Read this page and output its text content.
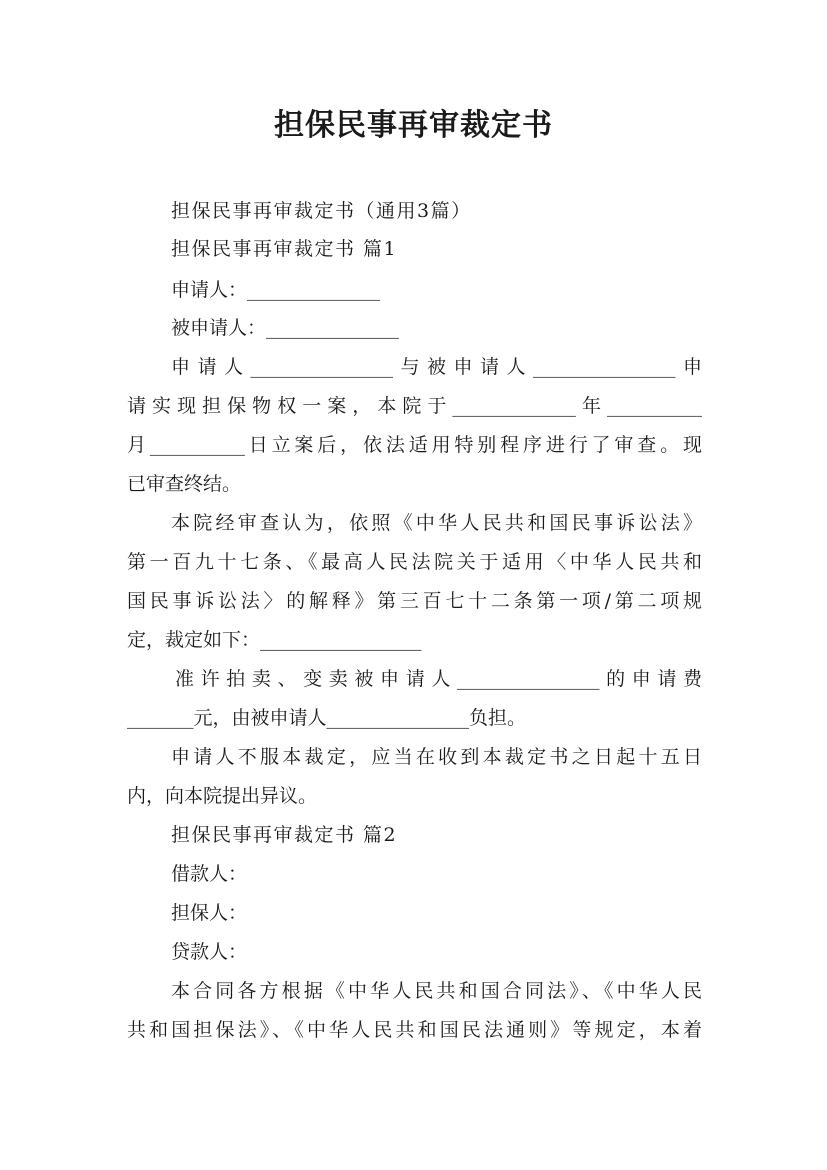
担保民事再审裁定书
担保民事再审裁定书（通用3篇）
担保民事再审裁定书 篇1
申请人：______________
被申请人：______________
申请人_______________与被申请人_______________申
请实现担保物权一案，本院于_____________年__________
月__________日立案后，依法适用特别程序进行了审查。现
已审查终结。
本院经审查认为，依照《中华人民共和国民事诉讼法》
第一百九十七条、《最高人民法院关于适用〈中华人民共和
国民事诉讼法〉的解释》第三百七十二条第一项/第二项规
定，裁定如下：_________________
准许拍卖、变卖被申请人_______________的申请费
_______元，由被申请人_______________负担。
申请人不服本裁定，应当在收到本裁定书之日起十五日
内，向本院提出异议。
担保民事再审裁定书 篇2
借款人：
担保人：
贷款人：
本合同各方根据《中华人民共和国合同法》、《中华人民
共和国担保法》、《中华人民共和国民法通则》等规定，本着
